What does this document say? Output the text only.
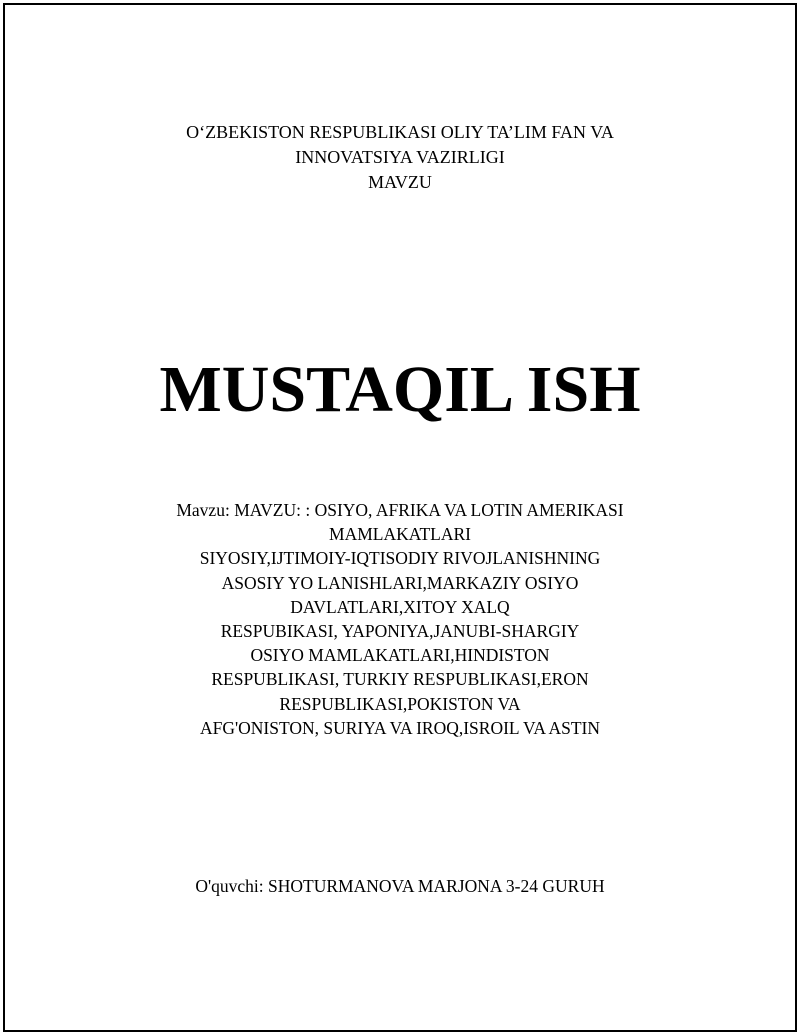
O‘ZBEKISTON RESPUBLIKASI OLIY TA’LIM FAN VA
INNOVATSIYA VAZIRLIGI
MAVZU
MUSTAQIL ISH
Mavzu: MAVZU: : OSIYO, AFRIKA VA LOTIN AMERIKASI
MAMLAKATLARI
SIYOSIY,IJTIMOIY-IQTISODIY RIVOJLANISHNING
ASOSIY YO LANISHLARI,MARKAZIY OSIYO
DAVLATLARI,XITOY XALQ
RESPUBIKASI, YAPONIYA,JANUBI-SHARGIY
OSIYO MAMLAKATLARI,HINDISTON
RESPUBLIKASI, TURKIY RESPUBLIKASI,ERON
RESPUBLIKASI,POKISTON VA
AFG'ONISTON, SURIYA VA IROQ,ISROIL VA ASTIN
O'quvchi: SHOTURMANOVA MARJONA 3-24 GURUH
